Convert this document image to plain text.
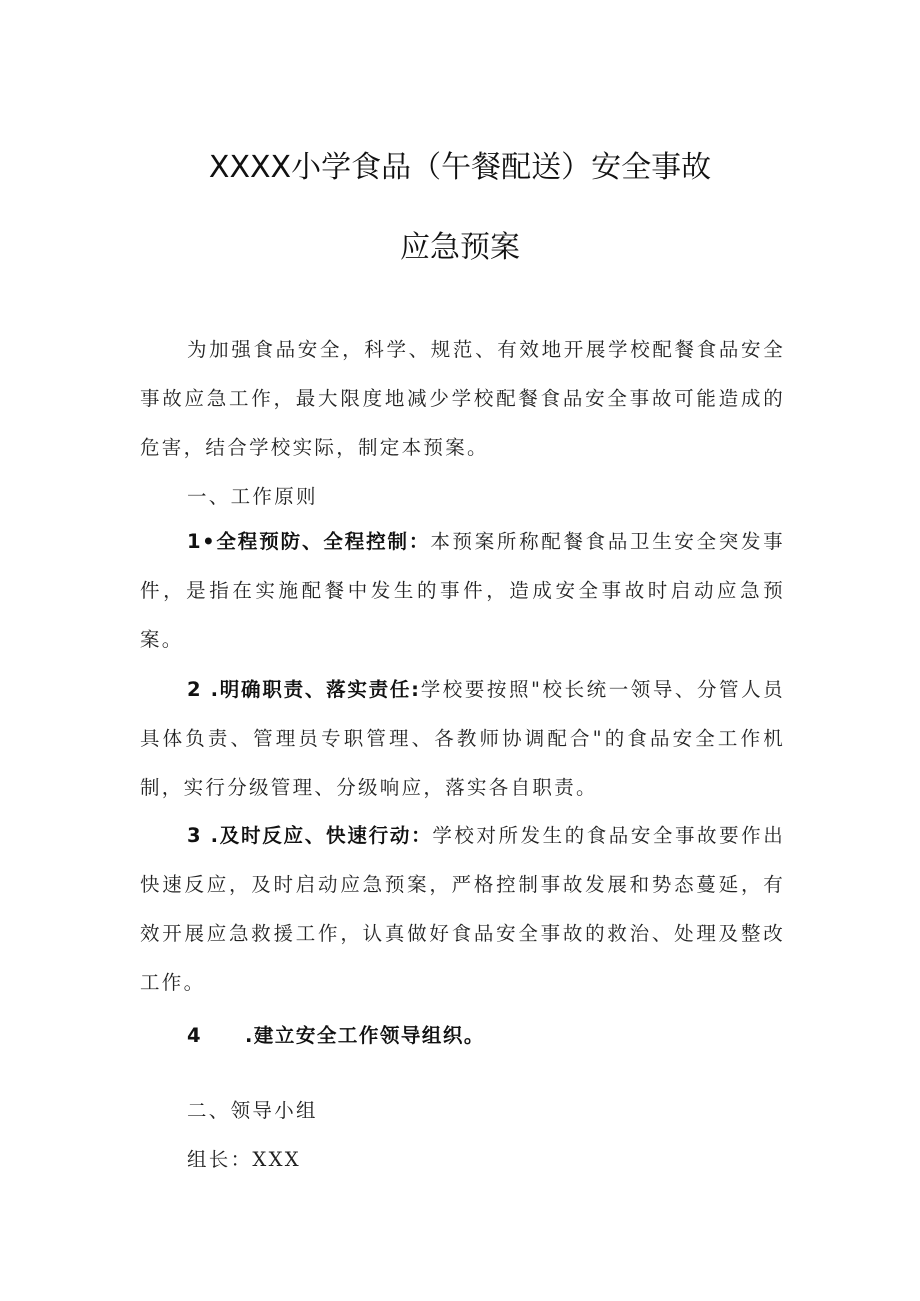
XXXX小学食品（午餐配送）安全事故
应急预案

为加强食品安全，科学、规范、有效地开展学校配餐食品安全事故应急工作，最大限度地减少学校配餐食品安全事故可能造成的危害，结合学校实际，制定本预案。

一、工作原则

1•全程预防、全程控制：本预案所称配餐食品卫生安全突发事件，是指在实施配餐中发生的事件，造成安全事故时启动应急预案。

2 .明确职责、落实责任:学校要按照"校长统一领导、分管人员具体负责、管理员专职管理、各教师协调配合"的食品安全工作机制，实行分级管理、分级响应，落实各自职责。

3 .及时反应、快速行动：学校对所发生的食品安全事故要作出快速反应，及时启动应急预案，严格控制事故发展和势态蔓延，有效开展应急救援工作，认真做好食品安全事故的救治、处理及整改工作。

4 .建立安全工作领导组织。

二、领导小组

组长：XXX
